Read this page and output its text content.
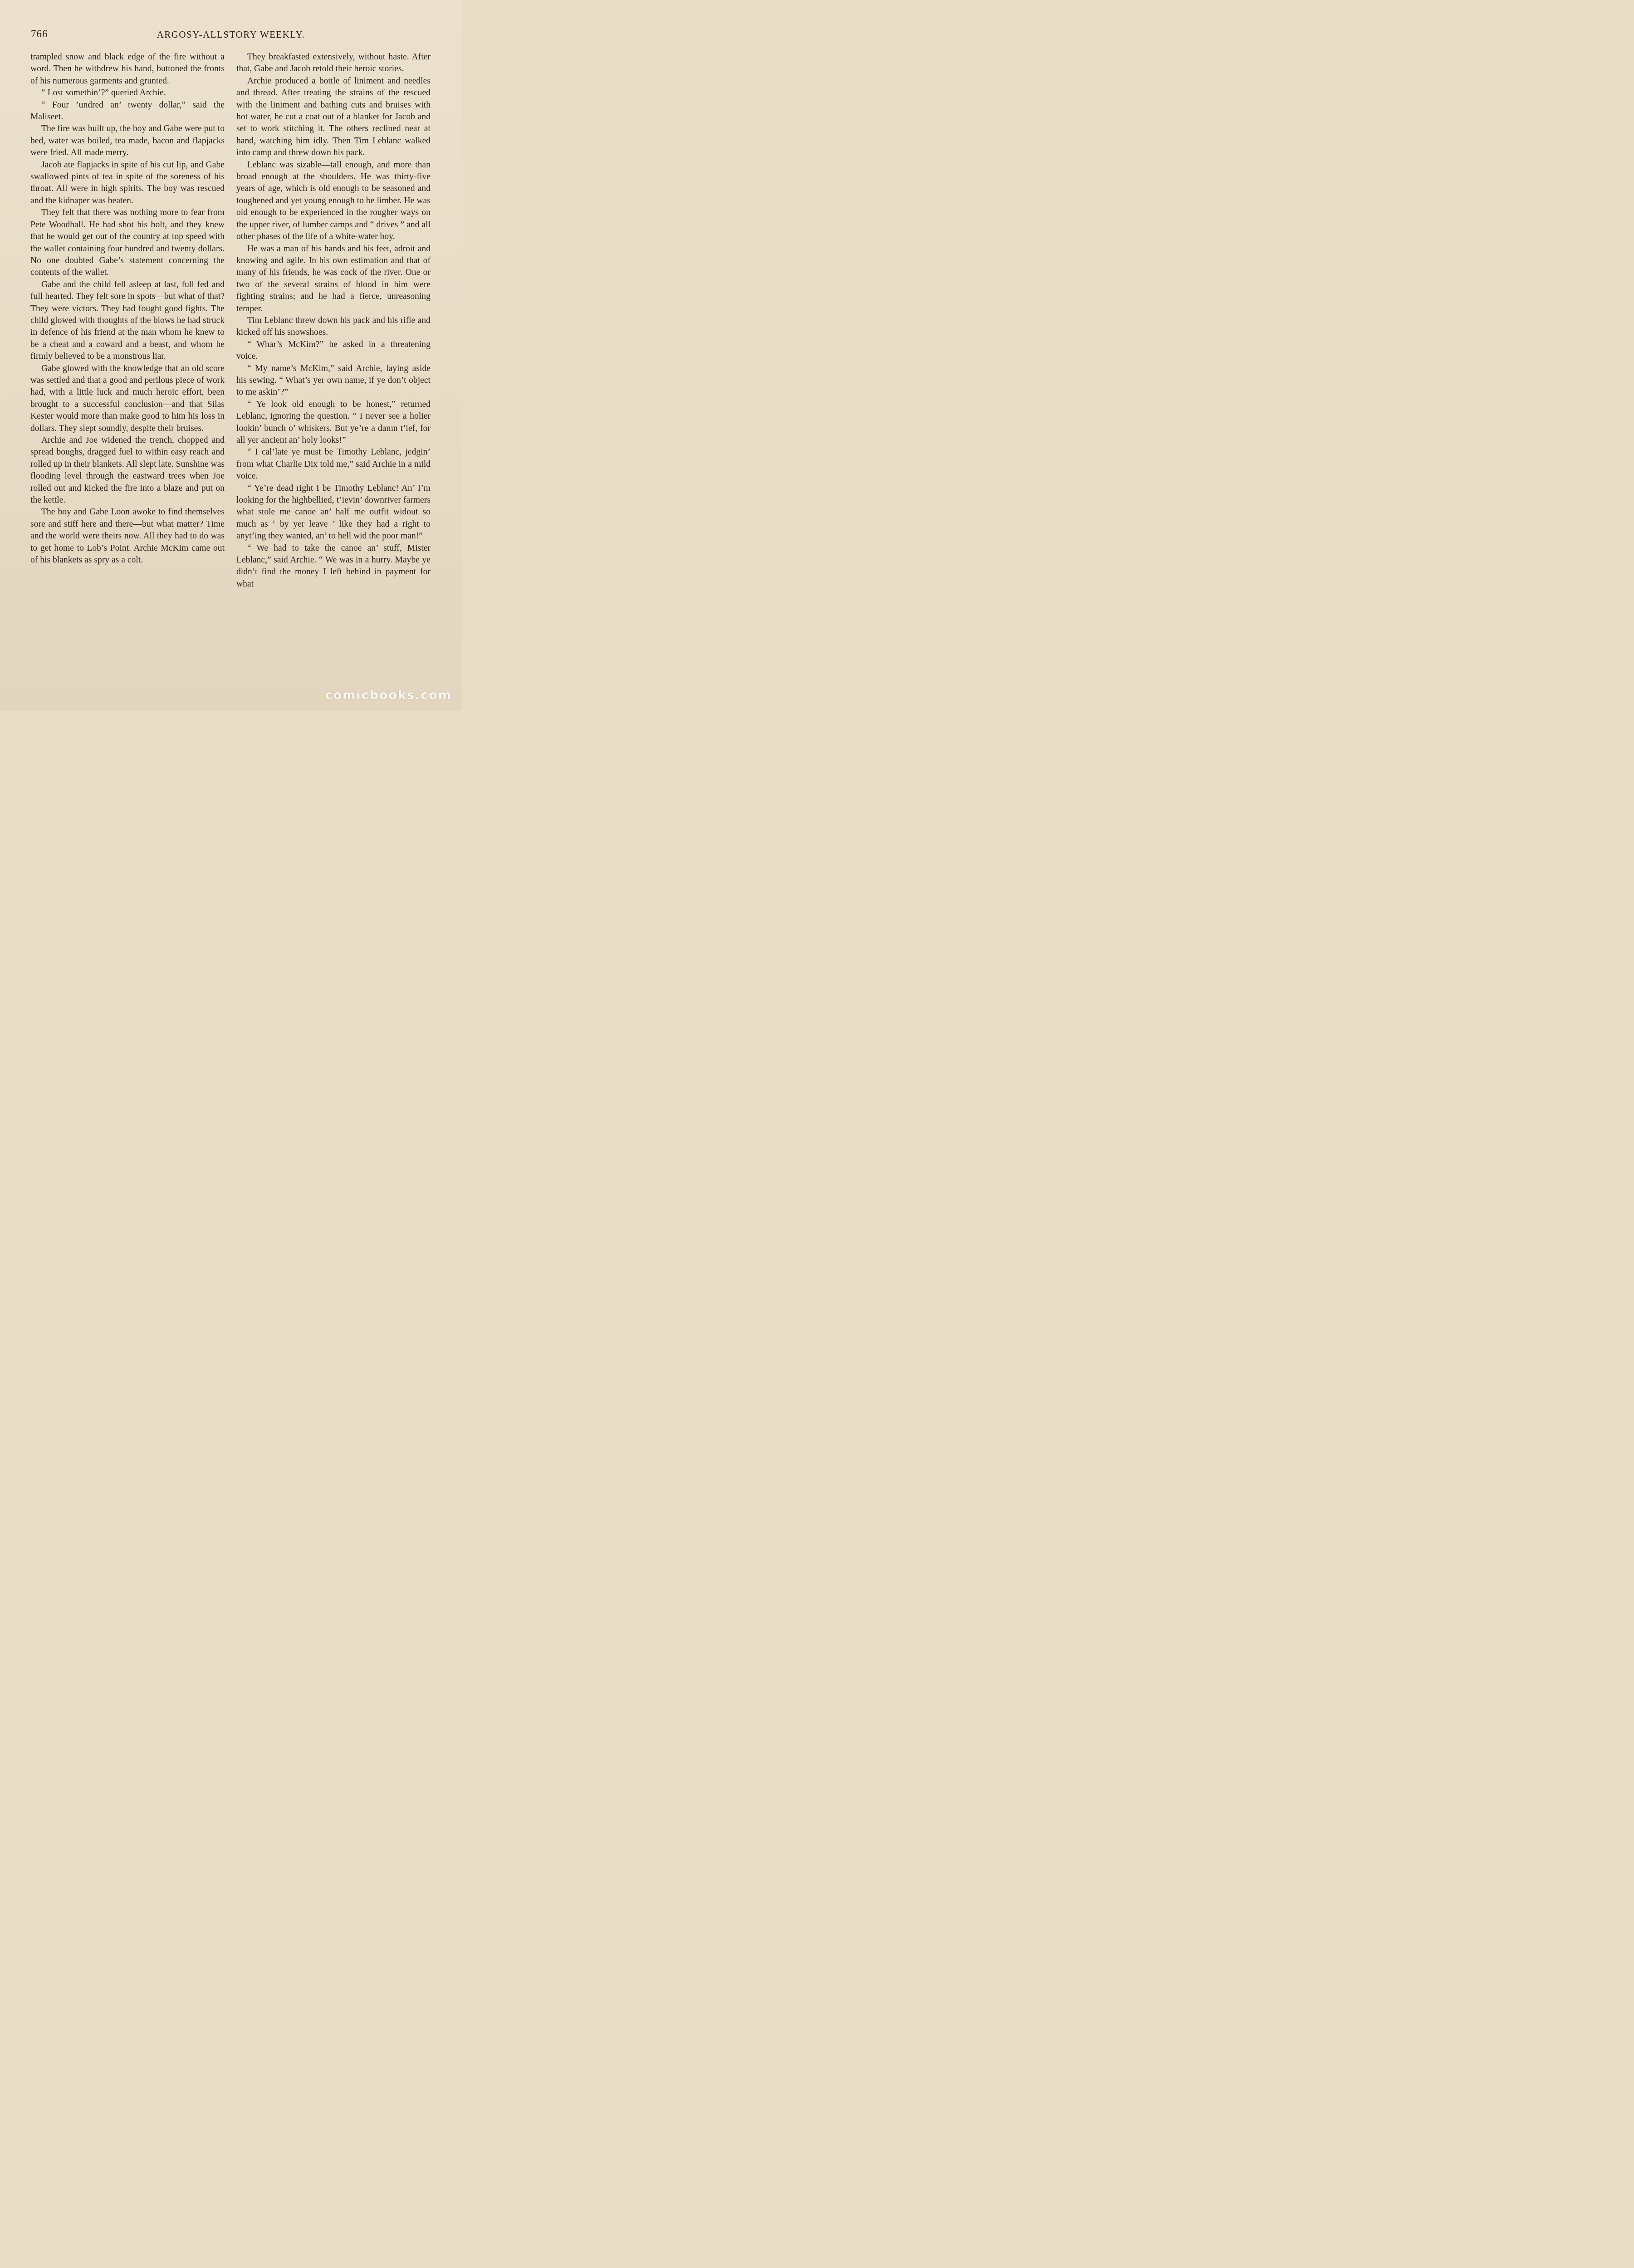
766	ARGOSY-ALLSTORY WEEKLY.

trampled snow and black edge of the fire without a word. Then he withdrew his hand, buttoned the fronts of his numerous garments and grunted.

“ Lost somethin’?” queried Archie.

“ Four ’undred an’ twenty dollar,” said the Maliseet.

The fire was built up, the boy and Gabe were put to bed, water was boiled, tea made, bacon and flapjacks were fried. All made merry.

Jacob ate flapjacks in spite of his cut lip, and Gabe swallowed pints of tea in spite of the soreness of his throat. All were in high spirits. The boy was rescued and the kidnaper was beaten.

They felt that there was nothing more to fear from Pete Woodhall. He had shot his bolt, and they knew that he would get out of the country at top speed with the wallet containing four hundred and twenty dollars. No one doubted Gabe’s statement concerning the contents of the wallet.

Gabe and the child fell asleep at last, full fed and full hearted. They felt sore in spots—but what of that? They were victors. They had fought good fights. The child glowed with thoughts of the blows he had struck in defence of his friend at the man whom he knew to be a cheat and a coward and a beast, and whom he firmly believed to be a monstrous liar.

Gabe glowed with the knowledge that an old score was settled and that a good and perilous piece of work had, with a little luck and much heroic effort, been brought to a successful conclusion—and that Silas Kester would more than make good to him his loss in dollars. They slept soundly, despite their bruises.

Archie and Joe widened the trench, chopped and spread boughs, dragged fuel to within easy reach and rolled up in their blankets. All slept late. Sunshine was flooding level through the eastward trees when Joe rolled out and kicked the fire into a blaze and put on the kettle.

The boy and Gabe Loon awoke to find themselves sore and stiff here and there—but what matter? Time and the world were theirs now. All they had to do was to get home to Lob’s Point. Archie McKim came out of his blankets as spry as a colt.

They breakfasted extensively, without haste. After that, Gabe and Jacob retold their heroic stories.

Archie produced a bottle of liniment and needles and thread. After treating the strains of the rescued with the liniment and bathing cuts and bruises with hot water, he cut a coat out of a blanket for Jacob and set to work stitching it. The others reclined near at hand, watching him idly. Then Tim Leblanc walked into camp and threw down his pack.

Leblanc was sizable—tall enough, and more than broad enough at the shoulders. He was thirty-five years of age, which is old enough to be seasoned and toughened and yet young enough to be limber. He was old enough to be experienced in the rougher ways on the upper river, of lumber camps and “ drives ” and all other phases of the life of a white-water boy.

He was a man of his hands and his feet, adroit and knowing and agile. In his own estimation and that of many of his friends, he was cock of the river. One or two of the several strains of blood in him were fighting strains; and he had a fierce, unreasoning temper.

Tim Leblanc threw down his pack and his rifle and kicked off his snowshoes.

“ Whar’s McKim?” he asked in a threatening voice.

“ My name’s McKim,” said Archie, laying aside his sewing. “ What’s yer own name, if ye don’t object to me askin’?”

“ Ye look old enough to be honest,” returned Leblanc, ignoring the question. “ I never see a holier lookin’ bunch o’ whiskers. But ye’re a damn t’ief, for all yer ancient an’ holy looks!”

“ I cal’late ye must be Timothy Leblanc, jedgin’ from what Charlie Dix told me,” said Archie in a mild voice.

“ Ye’re dead right I be Timothy Leblanc! An’ I’m looking for the highbellied, t’ievin’ downriver farmers what stole me canoe an’ half me outfit widout so much as ‘ by yer leave ’ like they had a right to anyt’ing they wanted, an’ to hell wid the poor man!”

“ We had to take the canoe an’ stuff, Mister Leblanc,” said Archie. “ We was in a hurry. Maybe ye didn’t find the money I left behind in payment for what

comicbooks.com
